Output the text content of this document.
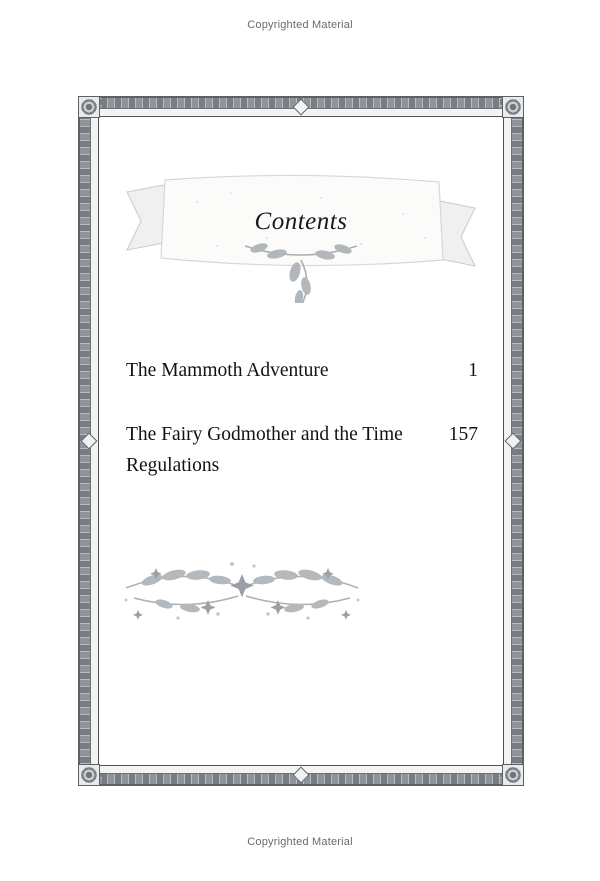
Copyrighted Material
Contents
The Mammoth Adventure	1
The Fairy Godmother and the Time Regulations
157
Copyrighted Material
